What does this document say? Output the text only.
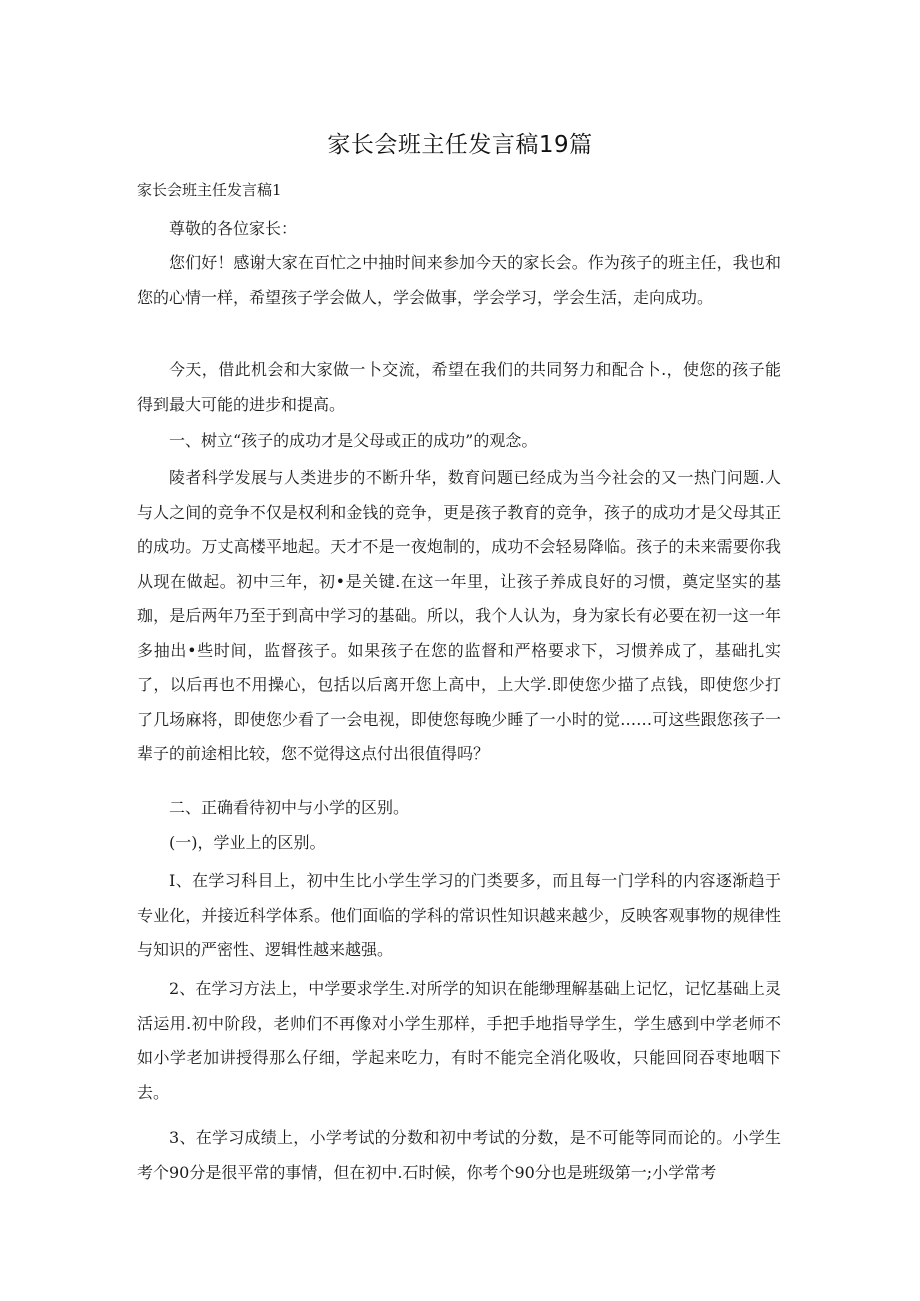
家长会班主任发言稿19篇
家长会班主任发言稿1

尊敬的各位家长：

您们好！感谢大家在百忙之中抽时间来参加今天的家长会。作为孩子的班主任，我也和您的心情一样，希望孩子学会做人，学会做事，学会学习，学会生活，走向成功。

今天，借此机会和大家做一卜交流，希望在我们的共同努力和配合卜.，使您的孩子能得到最大可能的进步和提高。

一、树立“孩子的成功才是父母或正的成功”的观念。

陵者科学发展与人类进步的不断升华，数育问题已经成为当今社会的又一热门问题.人与人之间的竞争不仅是权利和金钱的竞争，更是孩子教育的竞争，孩子的成功才是父母其正的成功。万丈高楼平地起。天才不是一夜炮制的，成功不会轻易降临。孩子的未来需要你我从现在做起。初中三年，初•是关键.在这一年里，让孩子养成良好的习惯，奠定坚实的基珈，是后两年乃至于到高中学习的基础。所以，我个人认为，身为家长有必要在初一这一年多抽出•些时间，监督孩子。如果孩子在您的监督和严格要求下，习惯养成了，基础扎实了，以后再也不用操心，包括以后离开您上高中，上大学.即使您少描了点钱，即使您少打了几场麻将，即使您少看了一会电视，即使您每晚少睡了一小时的觉……可这些跟您孩子一辈子的前途相比较，您不觉得这点付出很值得吗？

二、正确看待初中与小学的区别。

(一)，学业上的区别。

I、在学习科目上，初中生比小学生学习的门类要多，而且每一门学科的内容逐渐趋于专业化，并接近科学体系。他们面临的学科的常识性知识越来越少，反映客观事物的规律性与知识的严密性、逻辑性越来越强。

2、在学习方法上，中学要求学生.对所学的知识在能缈理解基础上记忆，记忆基础上灵活运用.初中阶段，老帅们不再像对小学生那样，手把手地指导学生，学生感到中学老师不如小学老加讲授得那么仔细，学起来吃力，有时不能完全消化吸收，只能回冏吞枣地咽下去。

3、在学习成绩上，小学考试的分数和初中考试的分数，是不可能等同而论的。小学生考个90分是很平常的事情，但在初中.石时候，你考个90分也是班级第一;小学常考
